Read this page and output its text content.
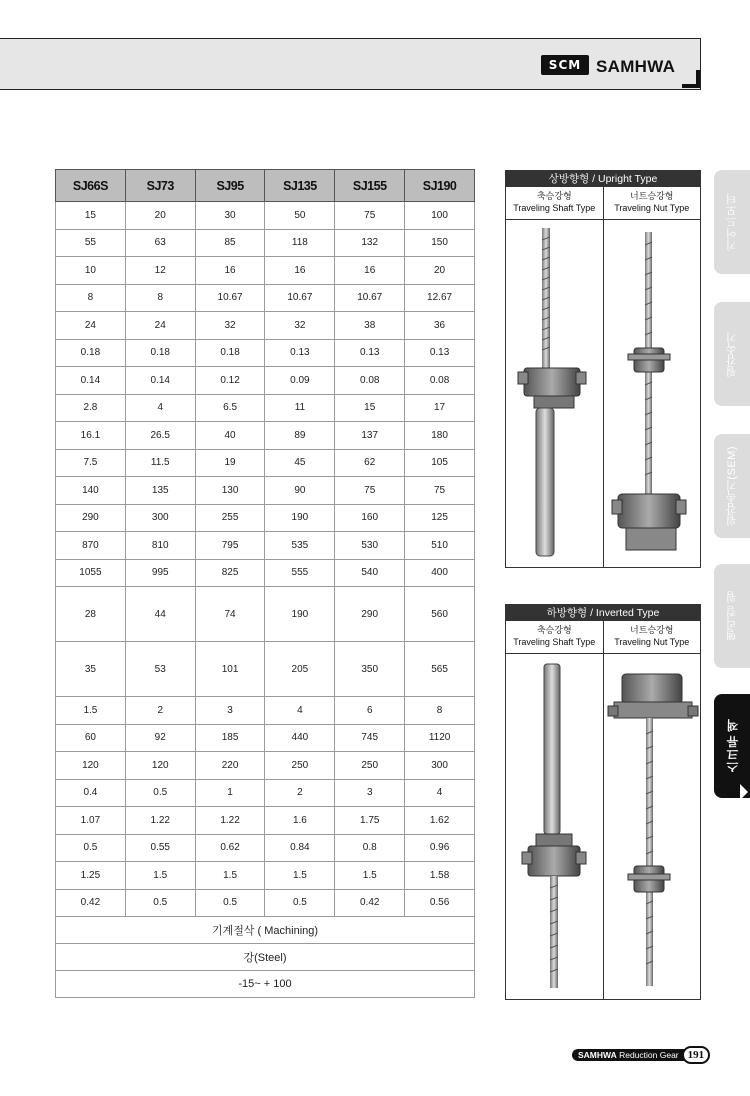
SCM SAMHWA
SJ66S	SJ73	SJ95	SJ135	SJ155	SJ190
15	20	30	50	75	100
55	63	85	118	132	150
10	12	16	16	16	20
8	8	10.67	10.67	10.67	12.67
24	24	32	32	38	36
0.18	0.18	0.18	0.13	0.13	0.13
0.14	0.14	0.12	0.09	0.08	0.08
2.8	4	6.5	11	15	17
16.1	26.5	40	89	137	180
7.5	11.5	19	45	62	105
140	135	130	90	75	75
290	300	255	190	160	125
870	810	795	535	530	510
1055	995	825	555	540	400
28	44	74	190	290	560
35	53	101	205	350	565
1.5	2	3	4	6	8
60	92	185	440	745	1120
120	120	220	250	250	300
0.4	0.5	1	2	3	4
1.07	1.22	1.22	1.6	1.75	1.62
0.5	0.55	0.62	0.84	0.8	0.96
1.25	1.5	1.5	1.5	1.5	1.58
0.42	0.5	0.5	0.5	0.42	0.56
기계절삭 ( Machining)					
강(Steel)					
-15~ + 100					
상방향형 / Upright Type
축승강형
Traveling Shaft Type
너트승강형
Traveling Nut Type
하방향형 / Inverted Type
축승강형
Traveling Shaft Type
너트승강형
Traveling Nut Type
기어드모터
웜감속기
웜감속기(SEM)
헬리컬 웜
스크류 잭
SAMHWA Reduction Gear 191
